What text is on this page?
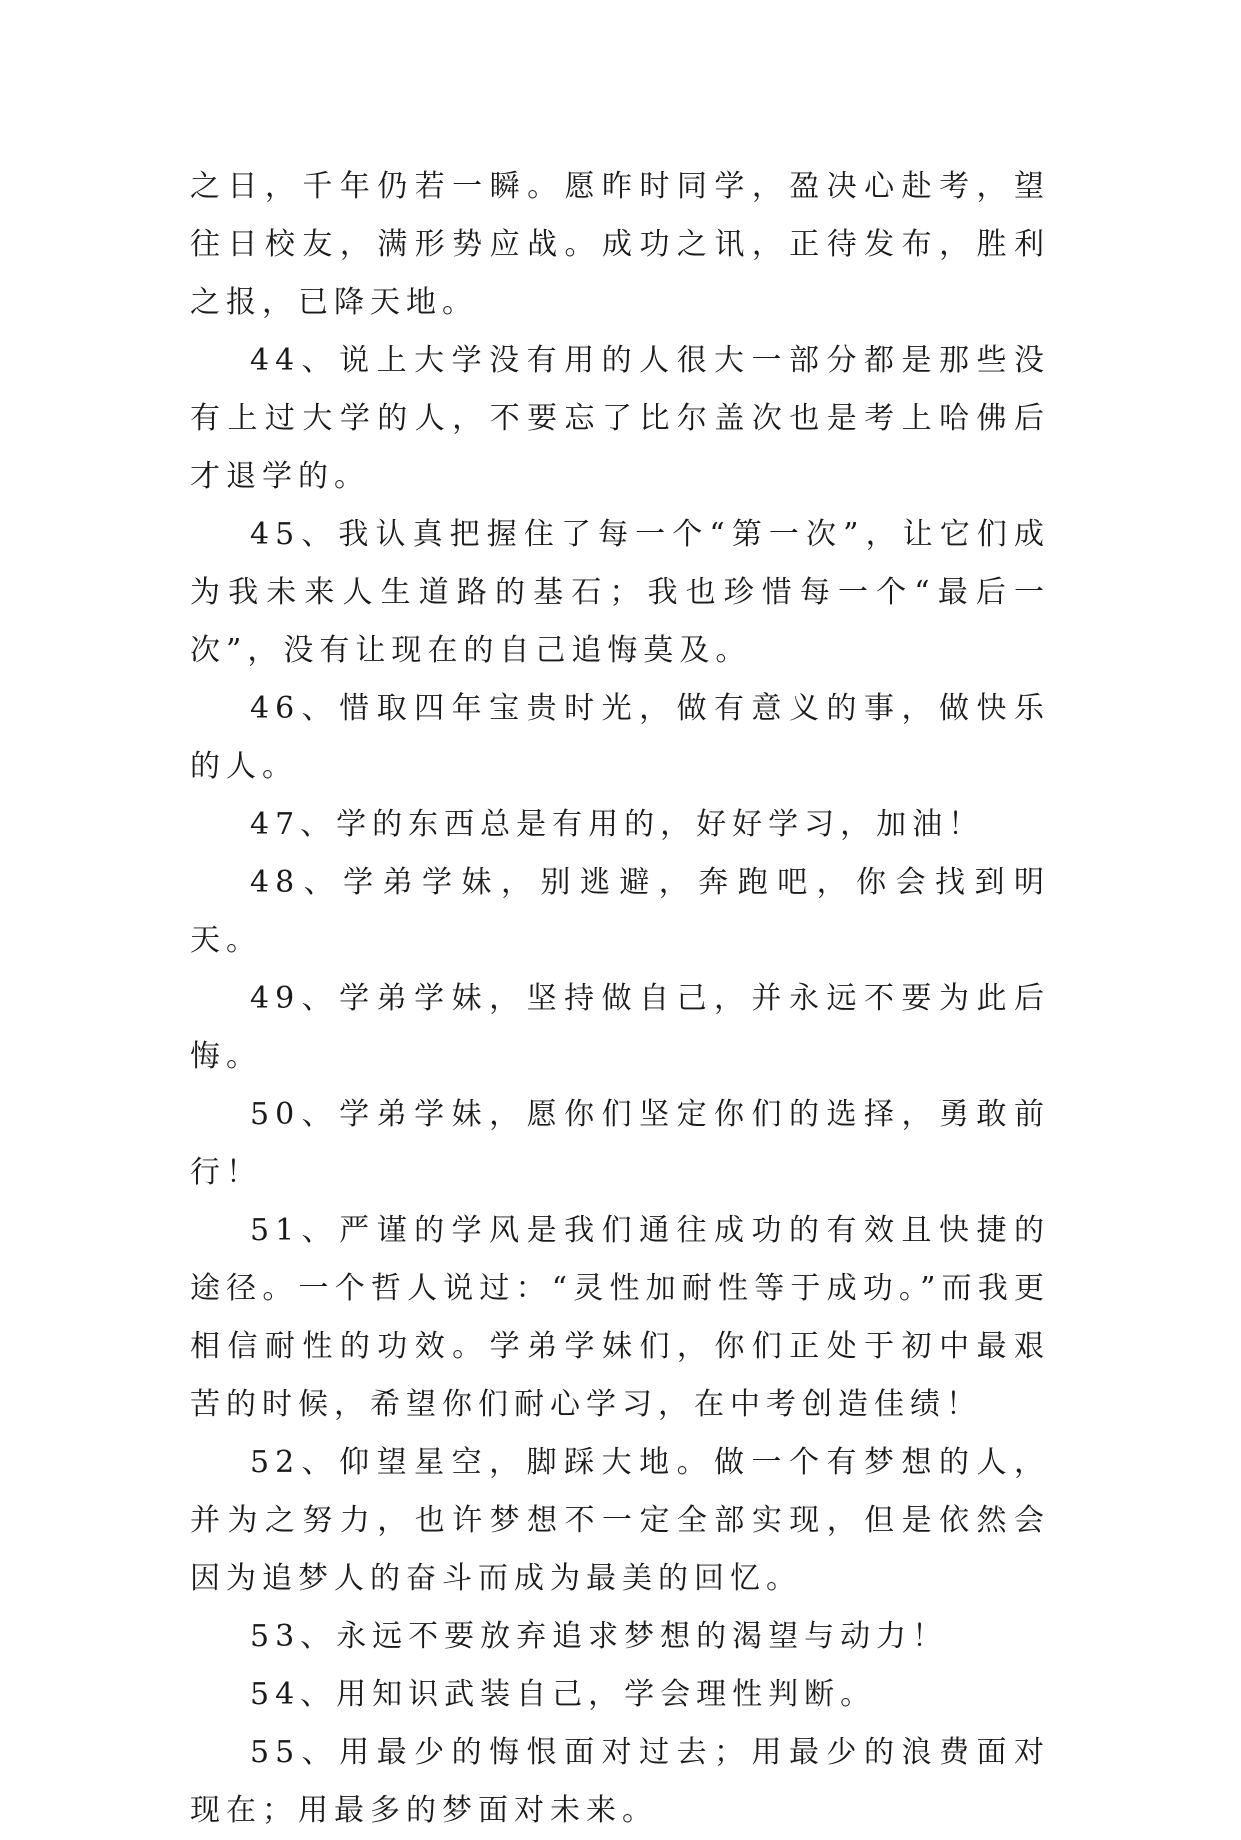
之日，千年仍若一瞬。愿昨时同学，盈决心赴考，望往日校友，满形势应战。成功之讯，正待发布，胜利之报，已降天地。

44、说上大学没有用的人很大一部分都是那些没有上过大学的人，不要忘了比尔盖次也是考上哈佛后才退学的。

45、我认真把握住了每一个“第一次”，让它们成为我未来人生道路的基石；我也珍惜每一个“最后一次”，没有让现在的自己追悔莫及。

46、惜取四年宝贵时光，做有意义的事，做快乐的人。

47、学的东西总是有用的，好好学习，加油！

48、学弟学妹，别逃避，奔跑吧，你会找到明天。

49、学弟学妹，坚持做自己，并永远不要为此后悔。

50、学弟学妹，愿你们坚定你们的选择，勇敢前行！

51、严谨的学风是我们通往成功的有效且快捷的途径。一个哲人说过：“灵性加耐性等于成功。”而我更相信耐性的功效。学弟学妹们，你们正处于初中最艰苦的时候，希望你们耐心学习，在中考创造佳绩！

52、仰望星空，脚踩大地。做一个有梦想的人，并为之努力，也许梦想不一定全部实现，但是依然会因为追梦人的奋斗而成为最美的回忆。

53、永远不要放弃追求梦想的渴望与动力！

54、用知识武装自己，学会理性判断。

55、用最少的悔恨面对过去；用最少的浪费面对现在；用最多的梦面对未来。
